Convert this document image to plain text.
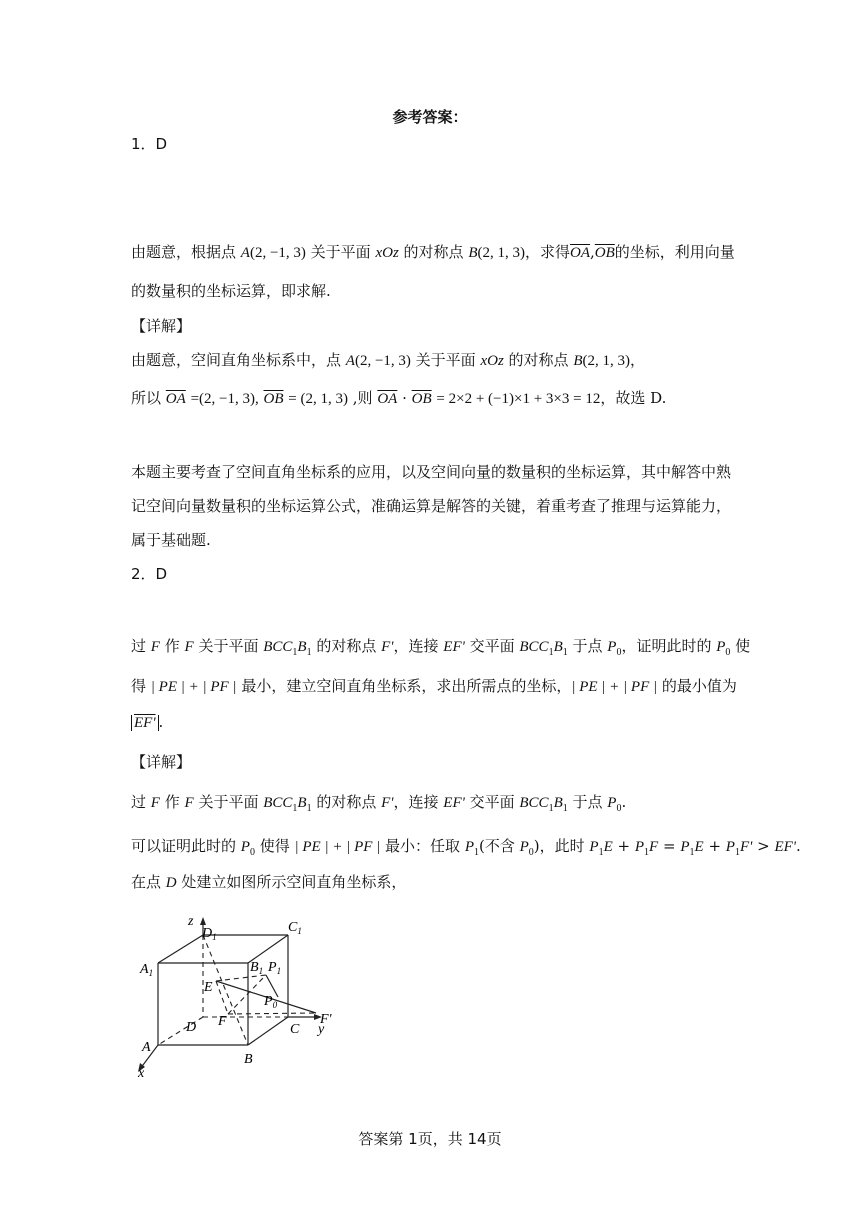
参考答案：
1．D
由题意，根据点 A(2, −1, 3) 关于平面 xOz 的对称点 B(2, 1, 3)，求得$\overline{OA},\overline{OB}$的坐标，利用向量
的数量积的坐标运算，即求解.
【详解】
由题意，空间直角坐标系中，点 A(2, −1, 3) 关于平面 xOz 的对称点 B(2, 1, 3)，
所以 $\overline{OA} =(2$, −1, 3), $\overline{OB} = (2$, 1, 3) ,则 $\overline{OA} \cdot \overline{OB} = 2\times 2 + (-1)\times 1 + 3\times 3 = 12$，故选 D.
本题主要考查了空间直角坐标系的应用，以及空间向量的数量积的坐标运算，其中解答中熟
记空间向量数量积的坐标运算公式，准确运算是解答的关键，着重考查了推理与运算能力，
属于基础题.
2．D
过 F 作 F 关于平面 $BCC_1B_1$ 的对称点 F'，连接 EF' 交平面 $BCC_1B_1$ 于点 $P_0$，证明此时的 $P_0$ 使
得 | PE | + | PF | 最小，建立空间直角坐标系，求出所需点的坐标，| PE | + | PF | 的最小值为
EF' .
【详解】
过 F 作 F 关于平面 $BCC_1B_1$ 的对称点 F'，连接 EF' 交平面 $BCC_1B_1$ 于点 $P_0$.
可以证明此时的 $P_0$ 使得 | PE | + | PF | 最小：任取 $P_1$(不含 $P_0$)，此时 $P_1E + P_1F = P_1E + P_1F' > EF'$.
在点 D 处建立如图所示空间直角坐标系，
z
y
x
$D_1$
$C_1$
$A_1$	$B_1$ $P_1$
E
$P_0$
F	F'
D
A
C
B
答案第 1页，共 14页
